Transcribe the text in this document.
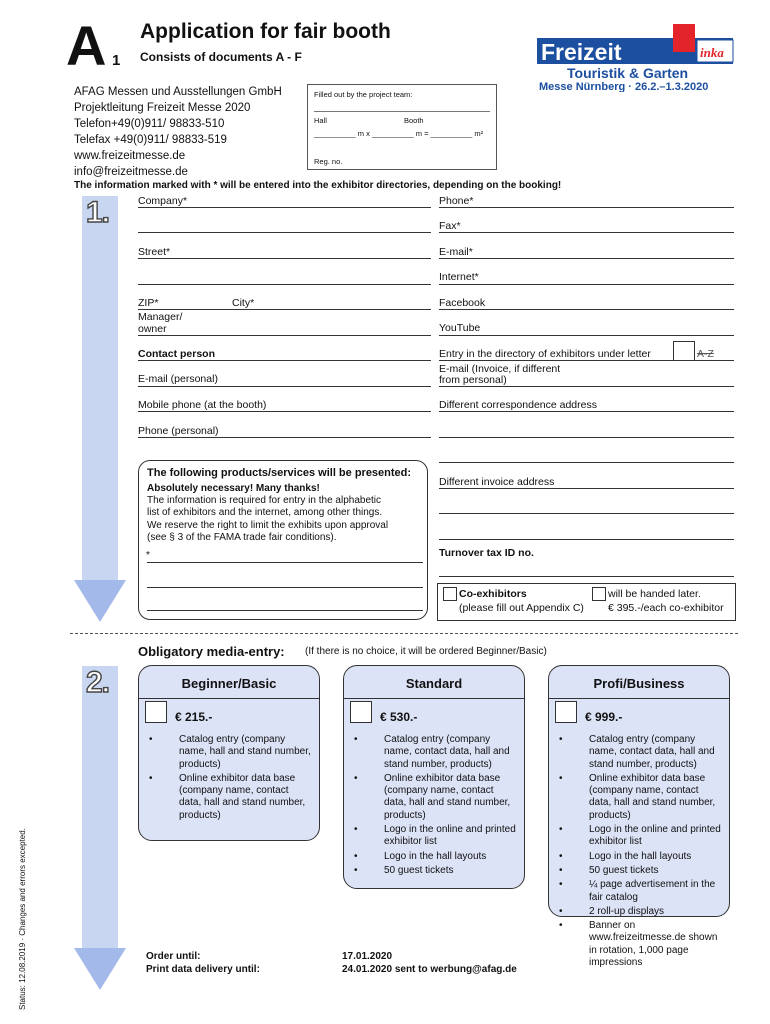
A 1
Application for fair booth
Consists of documents A - F
AFAG Messen und Ausstellungen GmbH
Projektleitung Freizeit Messe 2020
Telefon+49(0)911/ 98833-510
Telefax +49(0)911/ 98833-519
www.freizeitmesse.de
info@freizeitmesse.de
Filled out by the project team:
Hall	Booth
__________ m x __________ m = __________ m²
Reg. no.
Freizeit	inka
Touristik & Garten
Messe Nürnberg · 26.2.–1.3.2020
The information marked with * will be entered into the exhibitor directories, depending on the booking!
1.	Company*
Street*
ZIP*	City*
Manager/
owner
Contact person
E-mail (personal)
Mobile phone (at the booth)
Phone (personal)
Phone*
Fax*
E-mail*
Internet*
Facebook
YouTube
Entry in the directory of exhibitors under letter	A-Z
E-mail (Invoice, if different
from personal)
Different correspondence address
Different invoice address
Turnover tax ID no.
Co-exhibitors
(please fill out Appendix C)
will be handed later.
€ 395.-/each co-exhibitor
The following products/services will be presented:
Absolutely necessary! Many thanks!
The information is required for entry in the alphabetic
list of exhibitors and the internet, among other things.
We reserve the right to limit the exhibits upon approval
(see § 3 of the FAMA trade fair conditions).
*
2.
Obligatory media-entry: (If there is no choice, it will be ordered Beginner/Basic)
Beginner/Basic
€ 215.-
• Catalog entry (company name, hall and stand number, products)
• Online exhibitor data base (company name, contact data, hall and stand number, products)
Standard
€ 530.-
• Catalog entry (company name, contact data, hall and stand number, products)
• Online exhibitor data base (company name, contact data, hall and stand number, products)
• Logo in the online and printed exhibitor list
• Logo in the hall layouts
• 50 guest tickets
Profi/Business
€ 999.-
• Catalog entry (company name, contact data, hall and stand number, products)
• Online exhibitor data base (company name, contact data, hall and stand number, products)
• Logo in the online and printed exhibitor list
• Logo in the hall layouts
• 50 guest tickets
• ¼ page advertisement in the fair catalog
• 2 roll-up displays
• Banner on www.freizeitmesse.de shown in rotation, 1,000 page impressions
Order until:	17.01.2020
Print data delivery until:	24.01.2020 sent to werbung@afag.de
Status: 12.08.2019 · Changes and errors excepted.
